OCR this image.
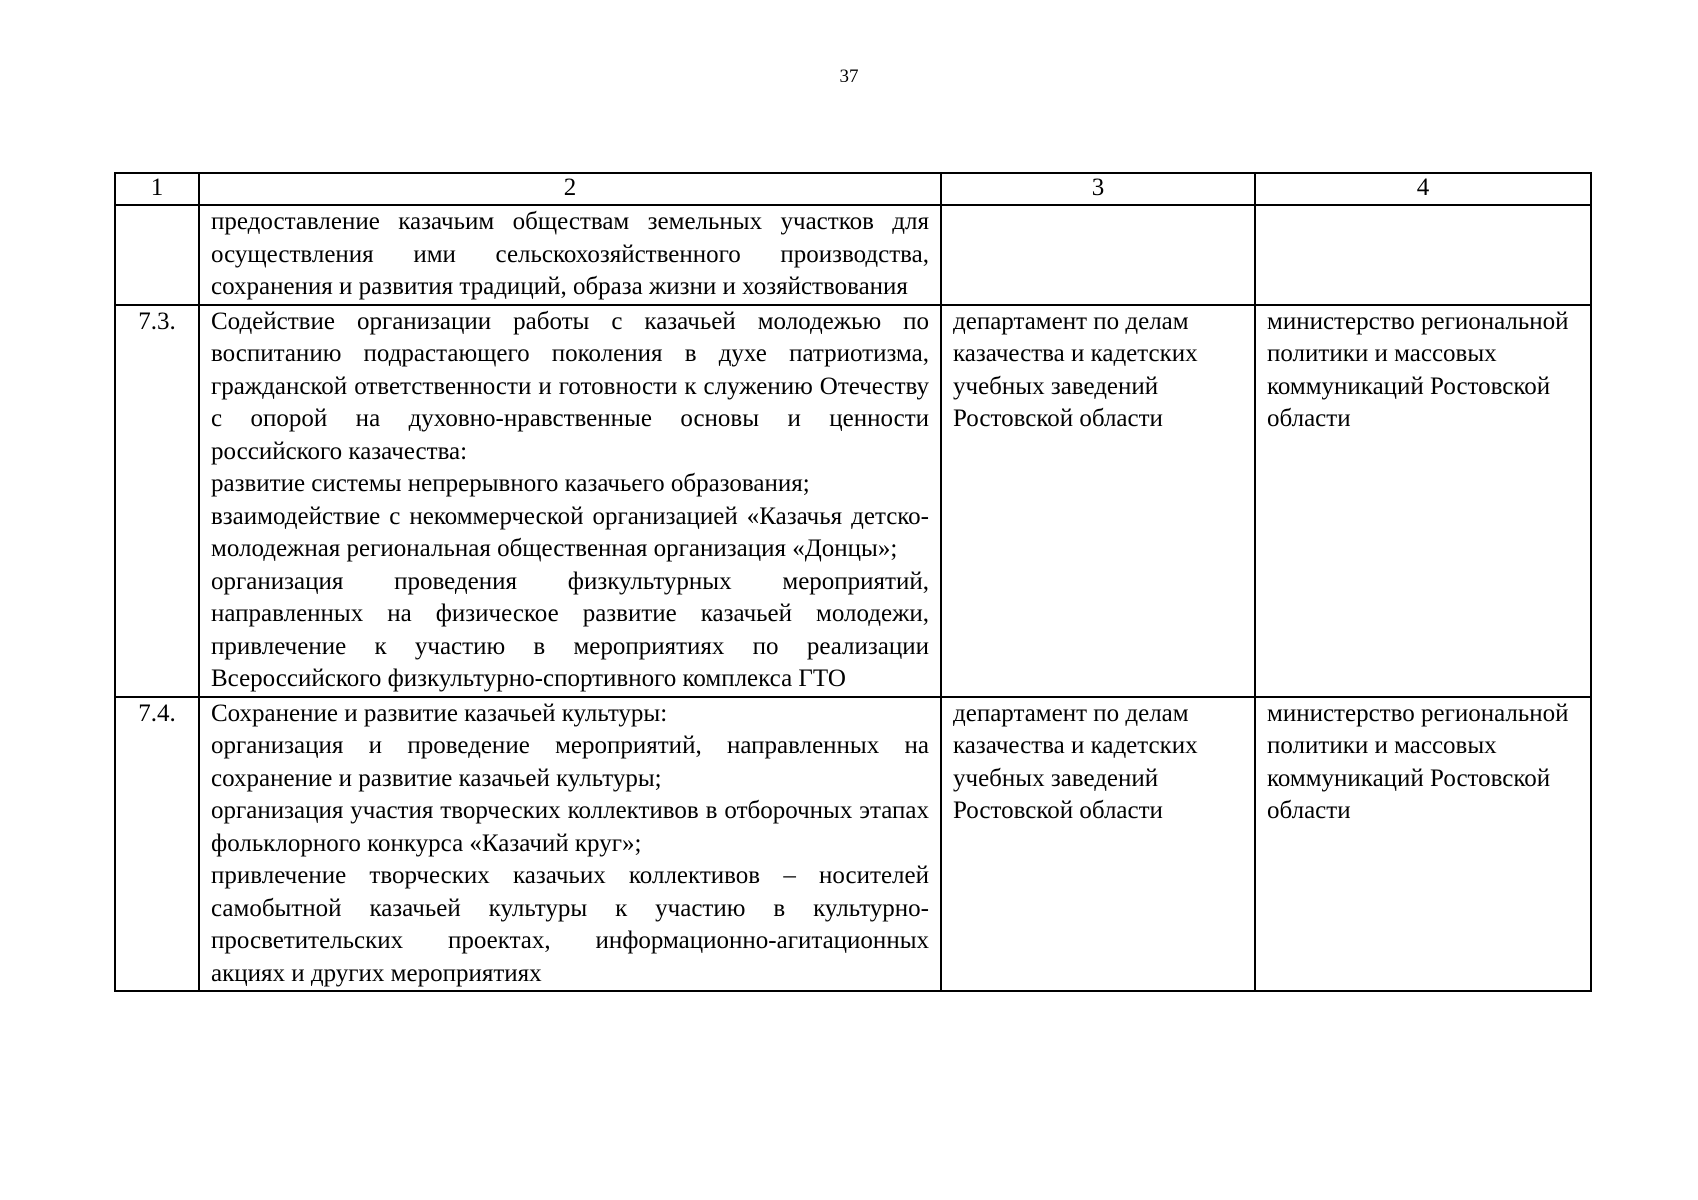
37
1	2	3	4

	предоставление казачьим обществам земельных участков для осуществления ими сельскохозяйственного производства, сохранения и развития традиций, образа жизни и хозяйствования		

7.3.	Содействие организации работы с казачьей молодежью по воспитанию подрастающего поколения в духе патриотизма, гражданской ответственности и готовности к служению Отечеству с опорой на духовно-нравственные основы и ценности российского казачества:
развитие системы непрерывного казачьего образования;
взаимодействие с некоммерческой организацией «Казачья детско-молодежная региональная общественная организация «Донцы»;
организация проведения физкультурных мероприятий, направленных на физическое развитие казачьей молодежи, привлечение к участию в мероприятиях по реализации Всероссийского физкультурно-спортивного комплекса ГТО	департамент по делам казачества и кадетских учебных заведений Ростовской области	министерство региональной политики и массовых коммуникаций Ростовской области
7.4.	Сохранение и развитие казачьей культуры:
организация и проведение мероприятий, направленных на сохранение и развитие казачьей культуры;
организация участия творческих коллективов в отборочных этапах фольклорного конкурса «Казачий круг»;
привлечение творческих казачьих коллективов – носителей самобытной казачьей культуры к участию в культурно-просветительских проектах, информационно-агитационных акциях и других мероприятиях	департамент по делам казачества и кадетских учебных заведений Ростовской области	министерство региональной политики и массовых коммуникаций Ростовской области
